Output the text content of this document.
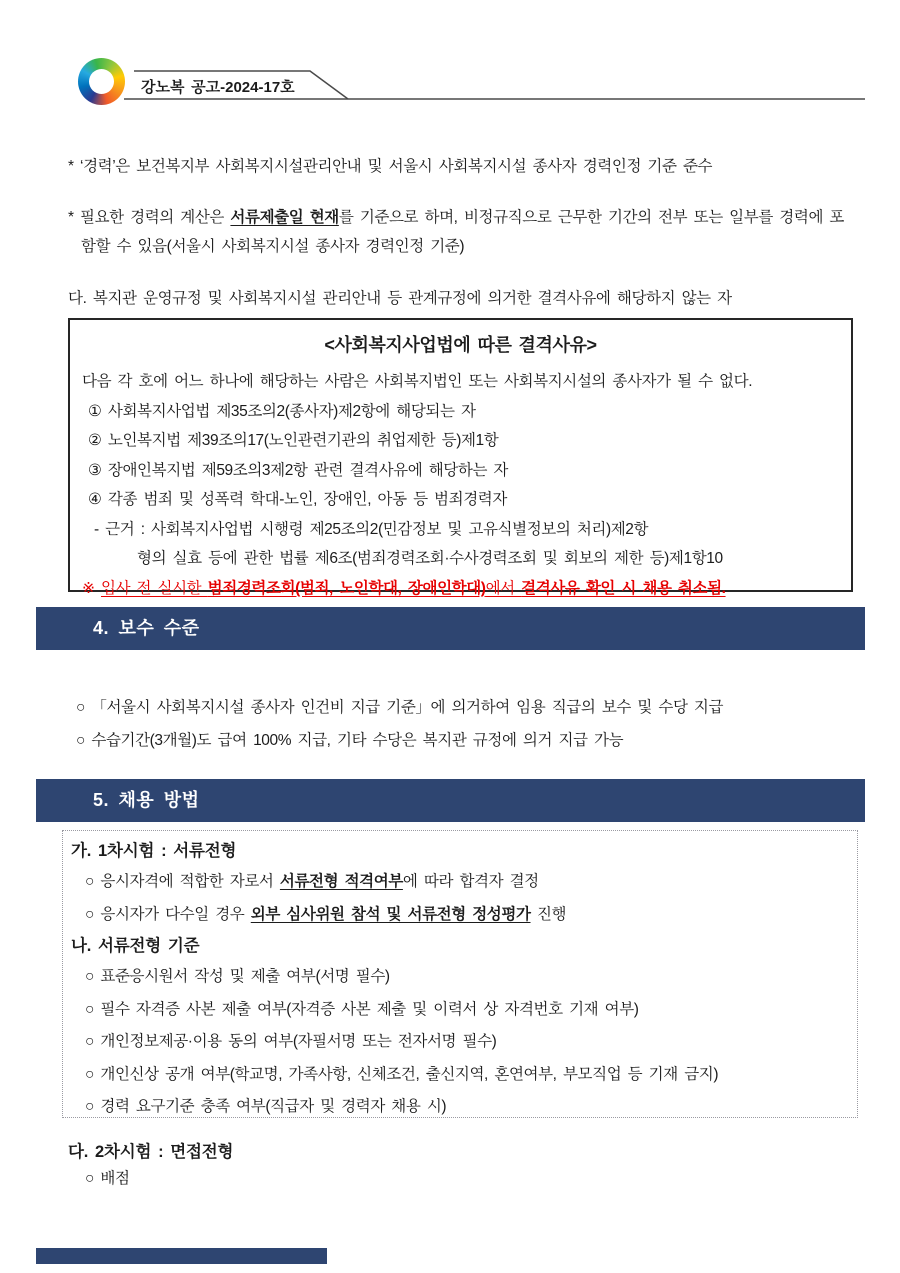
강노복 공고-2024-17호
* ‘경력’은 보건복지부 사회복지시설관리안내 및 서울시 사회복지시설 종사자 경력인정 기준 준수
* 필요한 경력의 계산은 서류제출일 현재를 기준으로 하며, 비정규직으로 근무한 기간의 전부 또는 일부를 경력에 포함할 수 있음(서울시 사회복지시설 종사자 경력인정 기준)
다. 복지관 운영규정 및 사회복지시설 관리안내 등 관계규정에 의거한 결격사유에 해당하지 않는 자
<사회복지사업법에 따른 결격사유>
다음 각 호에 어느 하나에 해당하는 사람은 사회복지법인 또는 사회복지시설의 종사자가 될 수 없다.
① 사회복지사업법 제35조의2(종사자)제2항에 해당되는 자
② 노인복지법 제39조의17(노인관련기관의 취업제한 등)제1항
③ 장애인복지법 제59조의3제2항 관련 결격사유에 해당하는 자
④ 각종 범죄 및 성폭력 학대-노인, 장애인, 아동 등 범죄경력자
- 근거 : 사회복지사업법 시행령 제25조의2(민감정보 및 고유식별정보의 처리)제2항
형의 실효 등에 관한 법률 제6조(범죄경력조회·수사경력조회 및 회보의 제한 등)제1항10
※ 입사 전 실시한 범죄경력조회(범죄, 노인학대, 장애인학대)에서 결격사유 확인 시 채용 취소됨.
4. 보수 수준
○ 「서울시 사회복지시설 종사자 인건비 지급 기준」에 의거하여 임용 직급의 보수 및 수당 지급
○ 수습기간(3개월)도 급여 100% 지급, 기타 수당은 복지관 규정에 의거 지급 가능
5. 채용 방법
가. 1차시험 : 서류전형
○ 응시자격에 적합한 자로서 서류전형 적격여부에 따라 합격자 결정
○ 응시자가 다수일 경우 외부 심사위원 참석 및 서류전형 정성평가 진행
나. 서류전형 기준
○ 표준응시원서 작성 및 제출 여부(서명 필수)
○ 필수 자격증 사본 제출 여부(자격증 사본 제출 및 이력서 상 자격번호 기재 여부)
○ 개인정보제공·이용 동의 여부(자필서명 또는 전자서명 필수)
○ 개인신상 공개 여부(학교명, 가족사항, 신체조건, 출신지역, 혼연여부, 부모직업 등 기재 금지)
○ 경력 요구기준 충족 여부(직급자 및 경력자 채용 시)
다. 2차시험 : 면접전형
○ 배점
